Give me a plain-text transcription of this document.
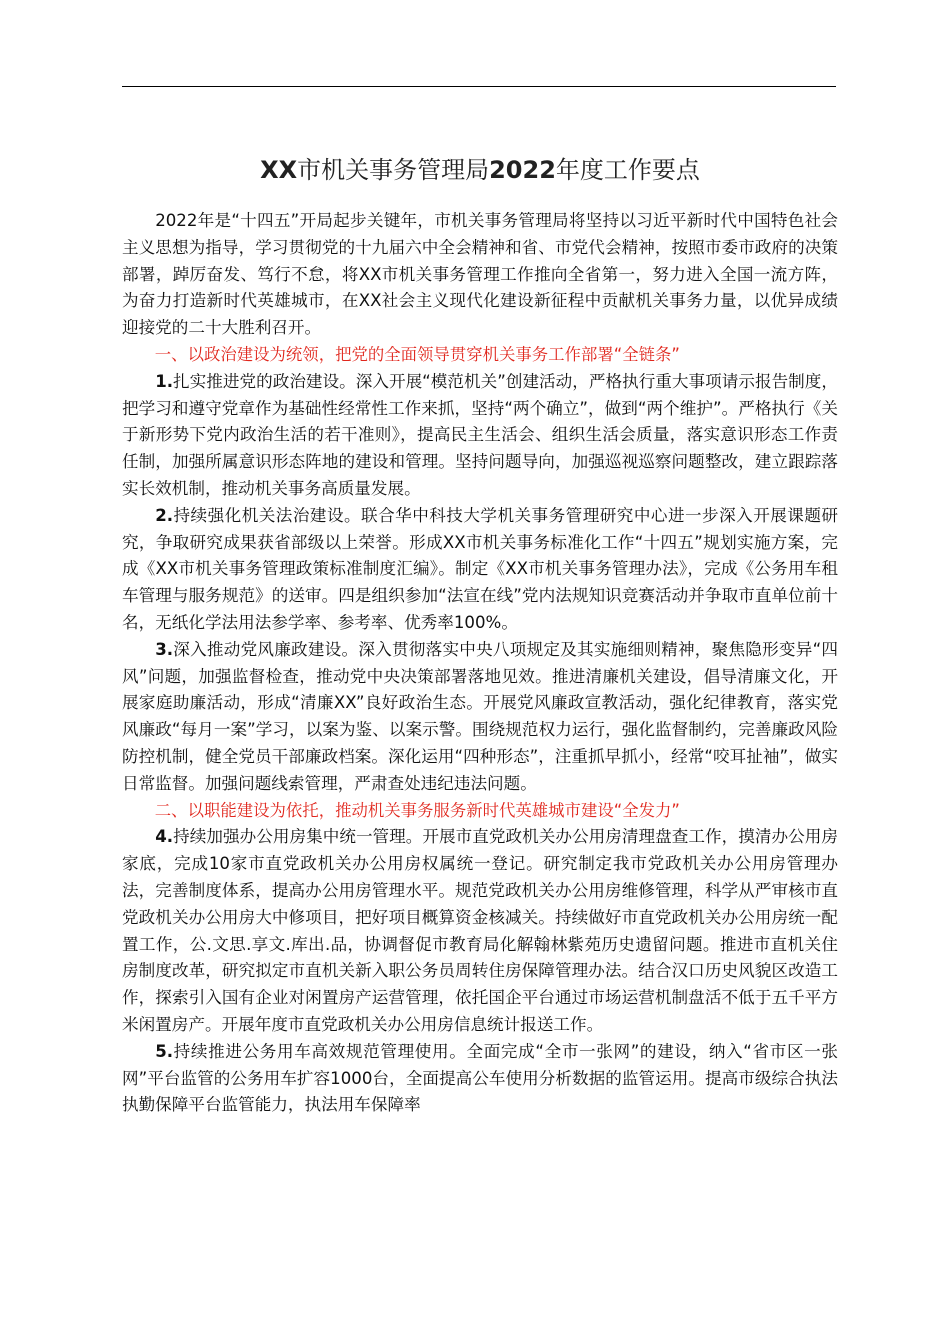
XX市机关事务管理局2022年度工作要点

2022年是“十四五”开局起步关键年，市机关事务管理局将坚持以习近平新时代中国特色社会主义思想为指导，学习贯彻党的十九届六中全会精神和省、市党代会精神，按照市委市政府的决策部署，踔厉奋发、笃行不怠，将XX市机关事务管理工作推向全省第一，努力进入全国一流方阵，为奋力打造新时代英雄城市，在XX社会主义现代化建设新征程中贡献机关事务力量，以优异成绩迎接党的二十大胜利召开。

一、以政治建设为统领，把党的全面领导贯穿机关事务工作部署“全链条”

1.扎实推进党的政治建设。深入开展“模范机关”创建活动，严格执行重大事项请示报告制度，把学习和遵守党章作为基础性经常性工作来抓，坚持“两个确立”，做到“两个维护”。严格执行《关于新形势下党内政治生活的若干准则》，提高民主生活会、组织生活会质量，落实意识形态工作责任制，加强所属意识形态阵地的建设和管理。坚持问题导向，加强巡视巡察问题整改，建立跟踪落实长效机制，推动机关事务高质量发展。

2.持续强化机关法治建设。联合华中科技大学机关事务管理研究中心进一步深入开展课题研究，争取研究成果获省部级以上荣誉。形成XX市机关事务标准化工作“十四五”规划实施方案，完成《XX市机关事务管理政策标准制度汇编》。制定《XX市机关事务管理办法》，完成《公务用车租车管理与服务规范》的送审。四是组织参加“法宣在线”党内法规知识竞赛活动并争取市直单位前十名，无纸化学法用法参学率、参考率、优秀率100%。

3.深入推动党风廉政建设。深入贯彻落实中央八项规定及其实施细则精神，聚焦隐形变异“四风”问题，加强监督检查，推动党中央决策部署落地见效。推进清廉机关建设，倡导清廉文化，开展家庭助廉活动，形成“清廉XX”良好政治生态。开展党风廉政宣教活动，强化纪律教育，落实党风廉政“每月一案”学习，以案为鉴、以案示警。围绕规范权力运行，强化监督制约，完善廉政风险防控机制，健全党员干部廉政档案。深化运用“四种形态”，注重抓早抓小，经常“咬耳扯袖”，做实日常监督。加强问题线索管理，严肃查处违纪违法问题。

二、以职能建设为依托，推动机关事务服务新时代英雄城市建设“全发力”

4.持续加强办公用房集中统一管理。开展市直党政机关办公用房清理盘查工作，摸清办公用房家底，完成10家市直党政机关办公用房权属统一登记。研究制定我市党政机关办公用房管理办法，完善制度体系，提高办公用房管理水平。规范党政机关办公用房维修管理，科学从严审核市直党政机关办公用房大中修项目，把好项目概算资金核减关。持续做好市直党政机关办公用房统一配置工作，公.文思.享文.库出.品，协调督促市教育局化解翰林紫苑历史遗留问题。推进市直机关住房制度改革，研究拟定市直机关新入职公务员周转住房保障管理办法。结合汉口历史风貌区改造工作，探索引入国有企业对闲置房产运营管理，依托国企平台通过市场运营机制盘活不低于五千平方米闲置房产。开展年度市直党政机关办公用房信息统计报送工作。

5.持续推进公务用车高效规范管理使用。全面完成“全市一张网”的建设，纳入“省市区一张网”平台监管的公务用车扩容1000台，全面提高公车使用分析数据的监管运用。提高市级综合执法执勤保障平台监管能力，执法用车保障率
